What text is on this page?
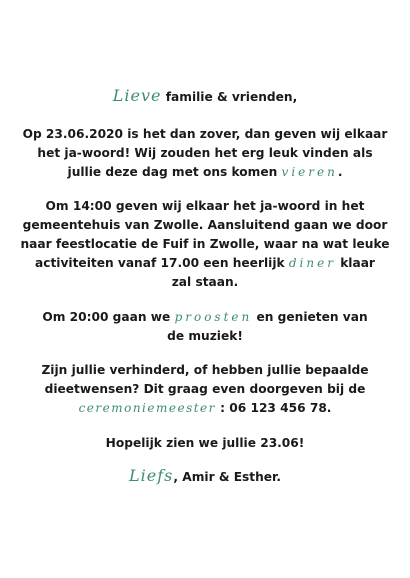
Lieve familie & vrienden,
Op 23.06.2020 is het dan zover, dan geven wij elkaar
het ja-woord! Wij zouden het erg leuk vinden als
jullie deze dag met ons komen vieren.
Om 14:00 geven wij elkaar het ja-woord in het
gemeentehuis van Zwolle. Aansluitend gaan we door
naar feestlocatie de Fuif in Zwolle, waar na wat leuke
activiteiten vanaf 17.00 een heerlijk diner klaar
zal staan.
Om 20:00 gaan we proosten en genieten van
de muziek!
Zijn jullie verhinderd, of hebben jullie bepaalde
dieetwensen? Dit graag even doorgeven bij de
ceremoniemeester : 06 123 456 78.
Hopelijk zien we jullie 23.06!
Liefs, Amir & Esther.
